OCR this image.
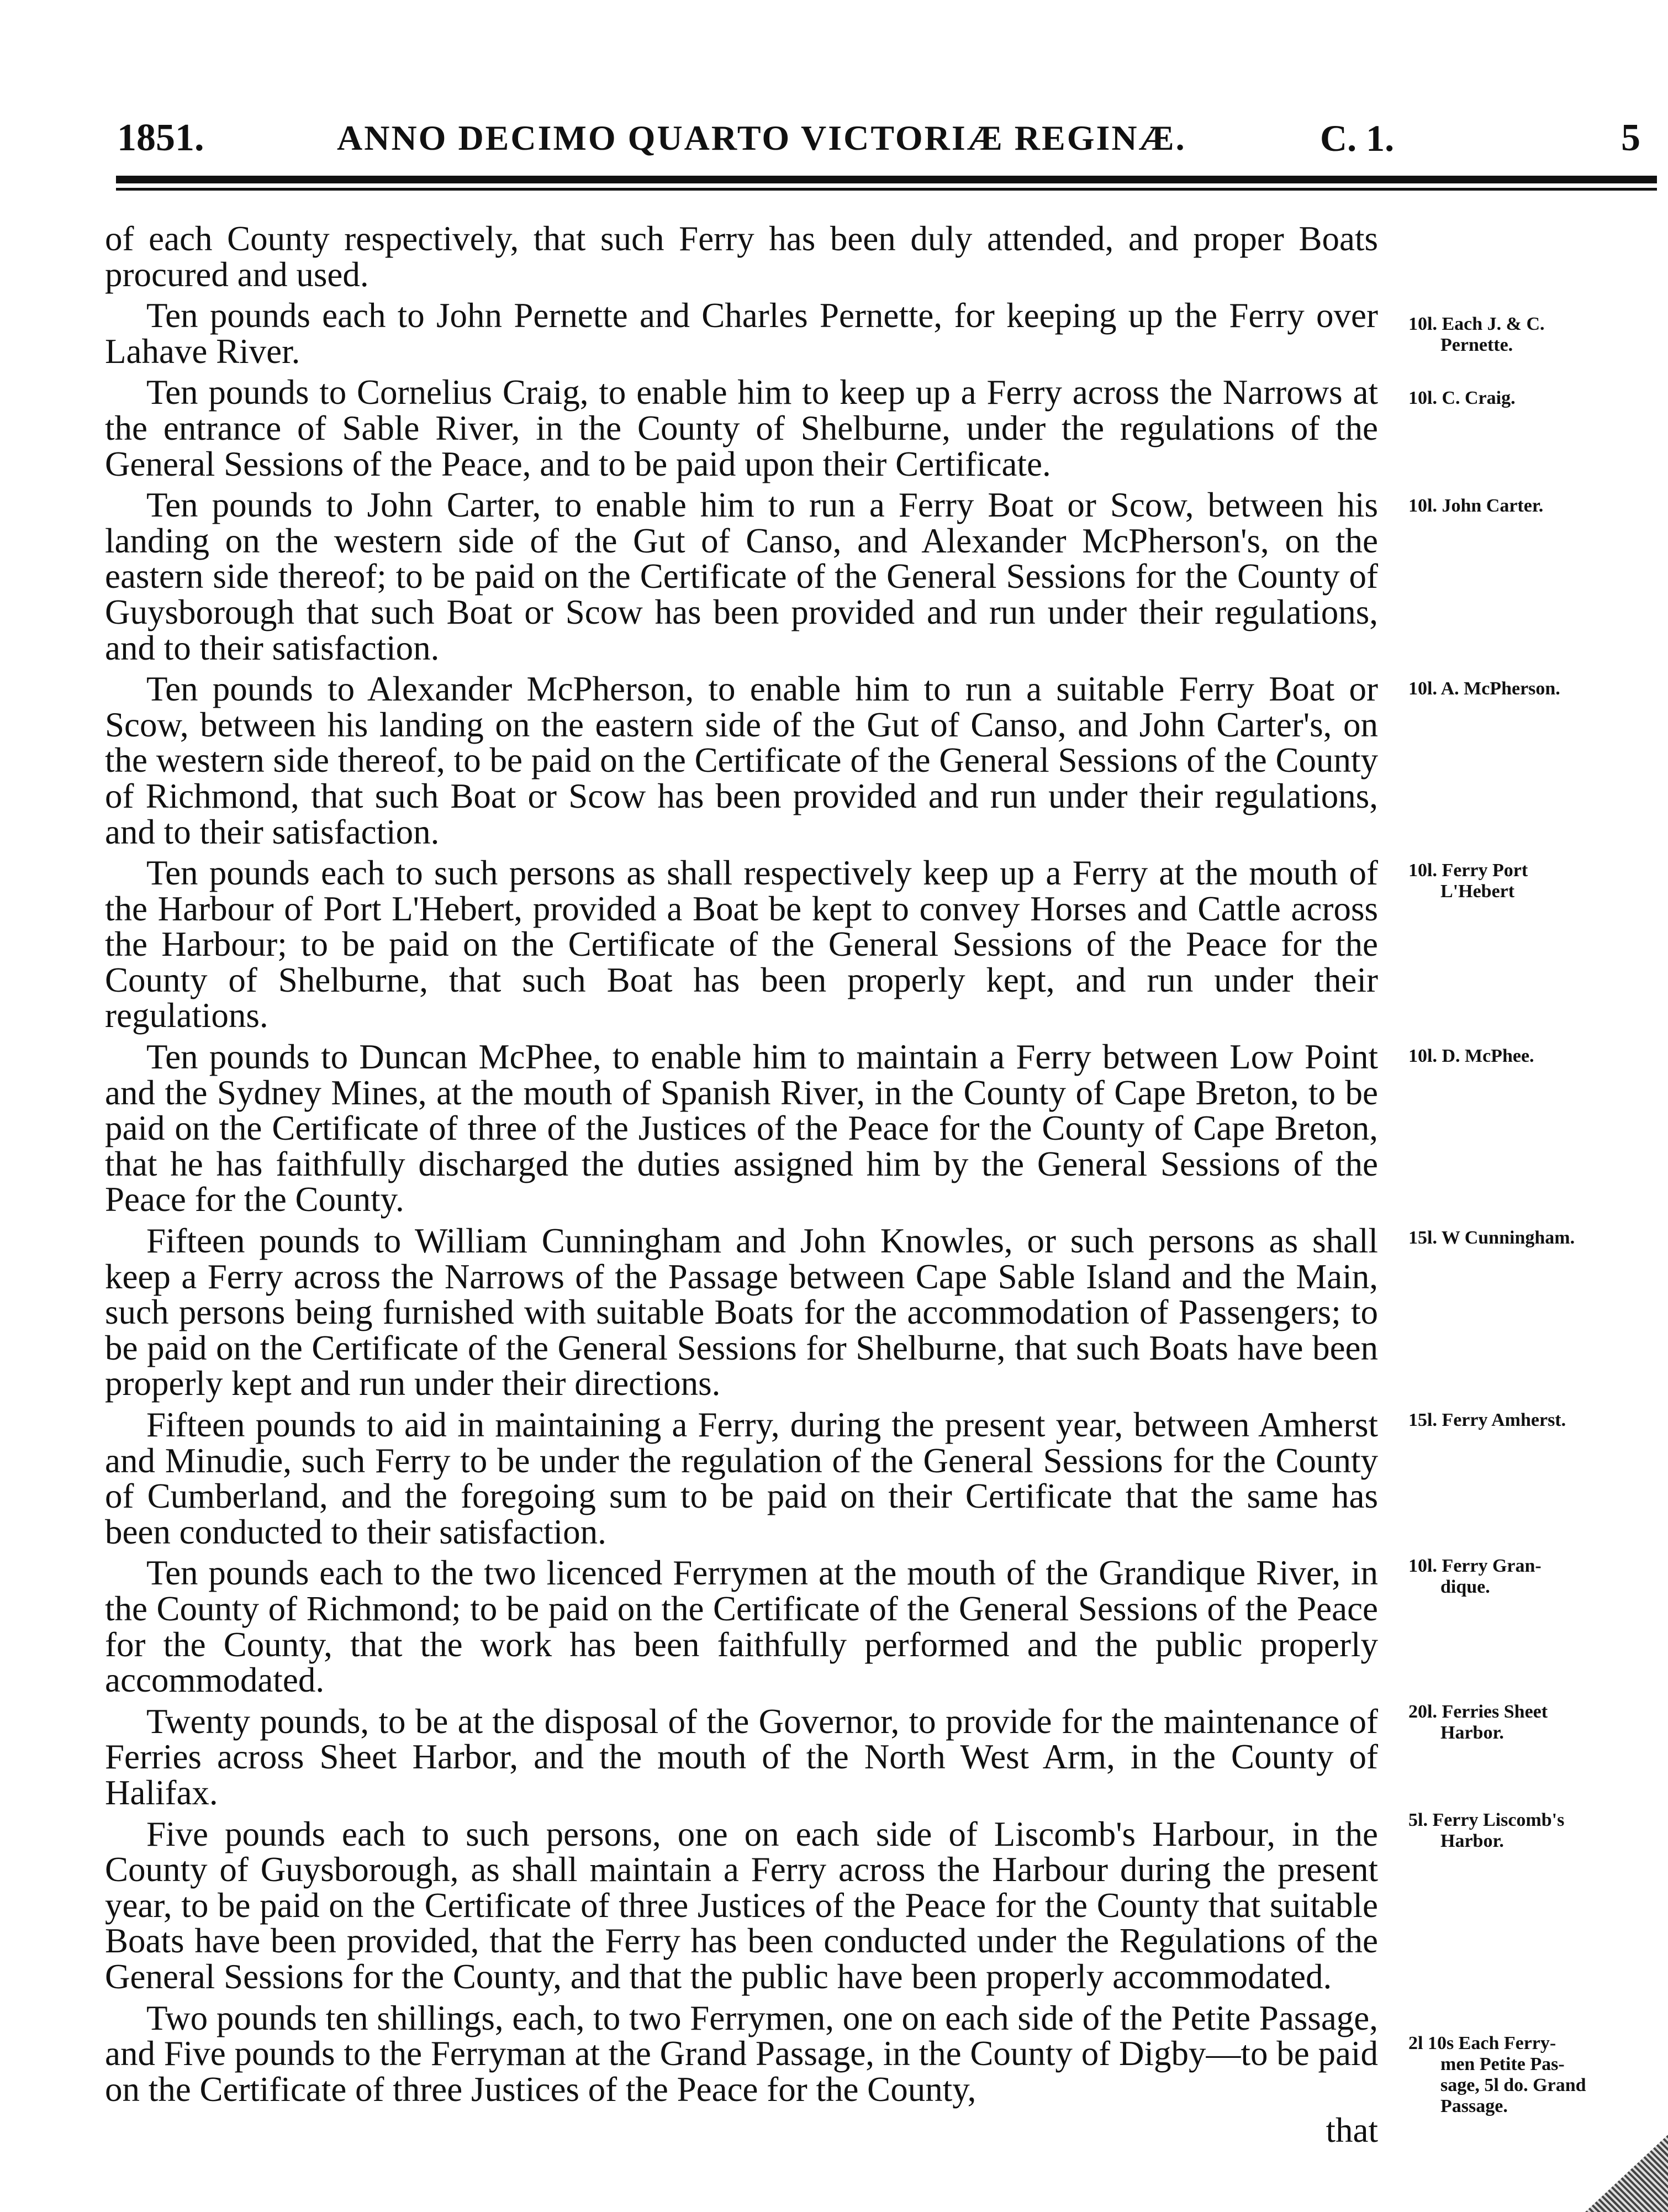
1851.	ANNO DECIMO QUARTO VICTORIÆ REGINÆ.	C. 1.	5

of each County respectively, that such Ferry has been duly attended, and proper Boats procured and used.

Ten pounds each to John Pernette and Charles Pernette, for keeping up the Ferry over Lahave River.

Ten pounds to Cornelius Craig, to enable him to keep up a Ferry across the Narrows at the entrance of Sable River, in the County of Shelburne, under the regulations of the General Sessions of the Peace, and to be paid upon their Certificate.

Ten pounds to John Carter, to enable him to run a Ferry Boat or Scow, between his landing on the western side of the Gut of Canso, and Alexander McPherson's, on the eastern side thereof; to be paid on the Certificate of the General Sessions for the County of Guysborough that such Boat or Scow has been provided and run under their regulations, and to their satisfaction.

Ten pounds to Alexander McPherson, to enable him to run a suitable Ferry Boat or Scow, between his landing on the eastern side of the Gut of Canso, and John Carter's, on the western side thereof, to be paid on the Certificate of the General Sessions of the County of Richmond, that such Boat or Scow has been provided and run under their regulations, and to their satisfaction.

Ten pounds each to such persons as shall respectively keep up a Ferry at the mouth of the Harbour of Port L'Hebert, provided a Boat be kept to convey Horses and Cattle across the Harbour; to be paid on the Certificate of the General Sessions of the Peace for the County of Shelburne, that such Boat has been properly kept, and run under their regulations.

Ten pounds to Duncan McPhee, to enable him to maintain a Ferry between Low Point and the Sydney Mines, at the mouth of Spanish River, in the County of Cape Breton, to be paid on the Certificate of three of the Justices of the Peace for the County of Cape Breton, that he has faithfully discharged the duties assigned him by the General Sessions of the Peace for the County.

Fifteen pounds to William Cunningham and John Knowles, or such persons as shall keep a Ferry across the Narrows of the Passage between Cape Sable Island and the Main, such persons being furnished with suitable Boats for the accommodation of Passengers; to be paid on the Certificate of the General Sessions for Shelburne, that such Boats have been properly kept and run under their directions.

Fifteen pounds to aid in maintaining a Ferry, during the present year, between Amherst and Minudie, such Ferry to be under the regulation of the General Sessions for the County of Cumberland, and the foregoing sum to be paid on their Certificate that the same has been conducted to their satisfaction.

Ten pounds each to the two licenced Ferrymen at the mouth of the Grandique River, in the County of Richmond; to be paid on the Certificate of the General Sessions of the Peace for the County, that the work has been faithfully performed and the public properly accommodated.

Twenty pounds, to be at the disposal of the Governor, to provide for the maintenance of Ferries across Sheet Harbor, and the mouth of the North West Arm, in the County of Halifax.

Five pounds each to such persons, one on each side of Liscomb's Harbour, in the County of Guysborough, as shall maintain a Ferry across the Harbour during the present year, to be paid on the Certificate of three Justices of the Peace for the County that suitable Boats have been provided, that the Ferry has been conducted under the Regulations of the General Sessions for the County, and that the public have been properly accommodated.

Two pounds ten shillings, each, to two Ferrymen, one on each side of the Petite Passage, and Five pounds to the Ferryman at the Grand Passage, in the County of Digby—to be paid on the Certificate of three Justices of the Peace for the County,

that

10l. Each J. & C.
Pernette.
10l. C. Craig.
10l. John Carter.
10l. A. McPherson.
10l. Ferry Port
L'Hebert
10l. D. McPhee.
15l. W Cunningham.
15l. Ferry Amherst.
10l. Ferry Gran-
dique.
20l. Ferries Sheet
Harbor.
5l. Ferry Liscomb's
Harbor.
2l 10s Each Ferry-
men Petite Pas-
sage, 5l do. Grand
Passage.
